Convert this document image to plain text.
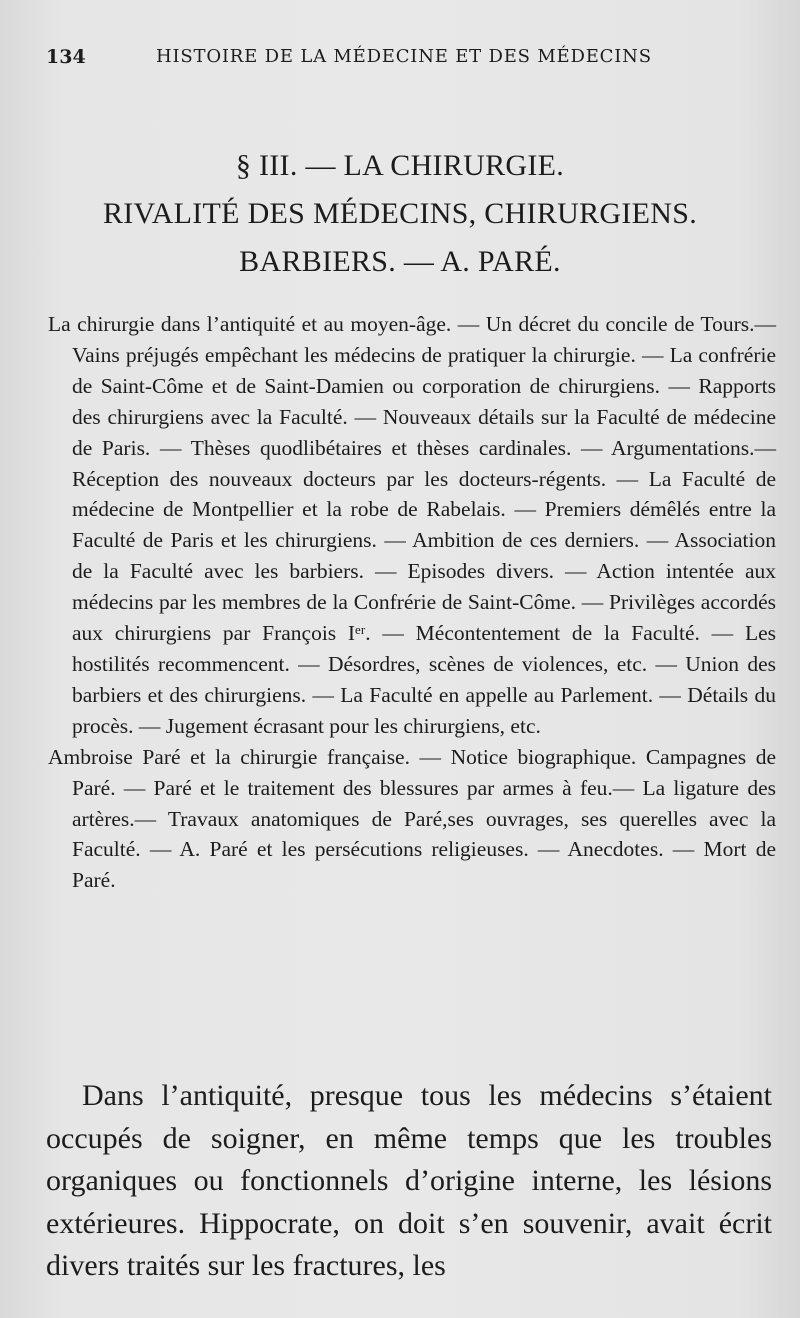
134	HISTOIRE DE LA MÉDECINE ET DES MÉDECINS
§ III. — LA CHIRURGIE.
RIVALITÉ DES MÉDECINS, CHIRURGIENS.
BARBIERS. — A. PARÉ.

La chirurgie dans l’antiquité et au moyen-âge. — Un décret du concile de Tours.— Vains préjugés empêchant les médecins de pratiquer la chirurgie. — La confrérie de Saint-Côme et de Saint-Damien ou corporation de chirurgiens. — Rapports des chirurgiens avec la Faculté. — Nouveaux détails sur la Faculté de médecine de Paris. — Thèses quodlibétaires et thèses cardinales. — Argumentations.— Réception des nouveaux docteurs par les docteurs-régents. — La Faculté de médecine de Montpellier et la robe de Rabelais. — Premiers démêlés entre la Faculté de Paris et les chirurgiens. — Ambition de ces derniers. — Association de la Faculté avec les barbiers. — Episodes divers. — Action intentée aux médecins par les membres de la Confrérie de Saint-Côme. — Privilèges accordés aux chirurgiens par François Iᵉʳ. — Mécontentement de la Faculté. — Les hostilités recommencent. — Désordres, scènes de violences, etc. — Union des barbiers et des chirurgiens. — La Faculté en appelle au Parlement. — Détails du procès. — Jugement écrasant pour les chirurgiens, etc.

Ambroise Paré et la chirurgie française. — Notice biographique. Campagnes de Paré. — Paré et le traitement des blessures par armes à feu.— La ligature des artères.— Travaux anatomiques de Paré,ses ouvrages, ses querelles avec la Faculté. — A. Paré et les persécutions religieuses. — Anecdotes. — Mort de Paré.

Dans l’antiquité, presque tous les médecins s’étaient occupés de soigner, en même temps que les troubles organiques ou fonctionnels d’origine interne, les lésions extérieures. Hippocrate, on doit s’en souvenir, avait écrit divers traités sur les fractures, les
